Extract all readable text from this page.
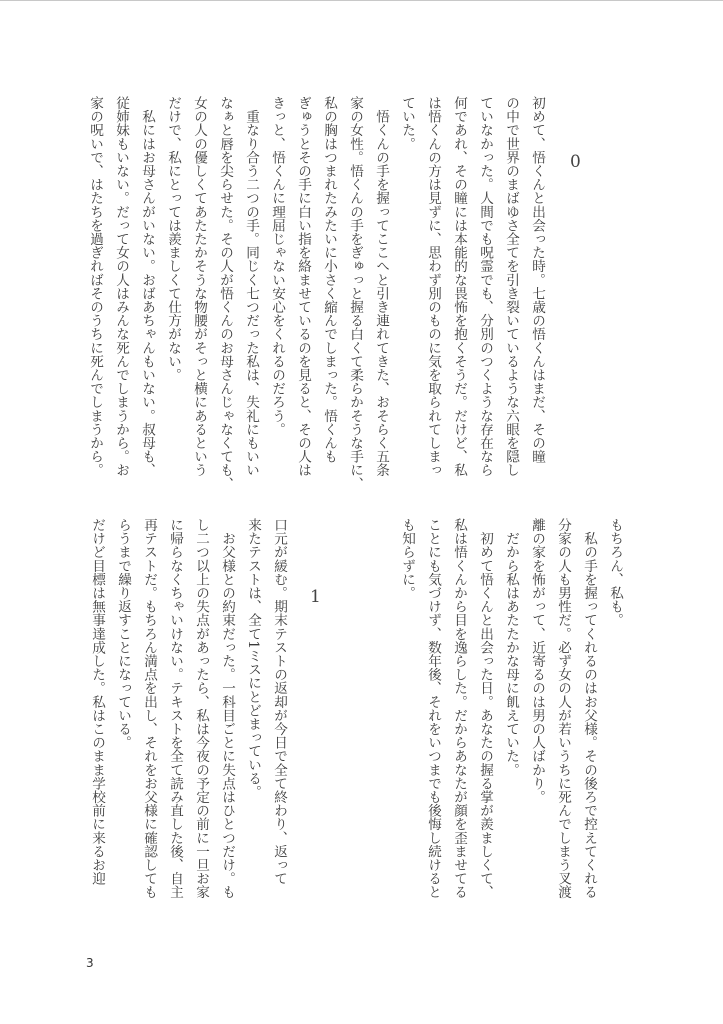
0
初めて、悟くんと出会った時。七歳の悟くんはまだ、その瞳
の中で世界のまばゆさ全てを引き裂いているような六眼を隠し
ていなかった。人間でも呪霊でも、分別のつくような存在なら
何であれ、その瞳には本能的な畏怖を抱くそうだ。だけど、私
は悟くんの方は見ずに、思わず別のものに気を取られてしまっ
ていた。
　悟くんの手を握ってここへと引き連れてきた、おそらく五条
家の女性。悟くんの手をぎゅっと握る白くて柔らかそうな手に、
私の胸はつまれたみたいに小さく縮んでしまった。悟くんも
ぎゅうとその手に白い指を絡ませているのを見ると、その人は
きっと、悟くんに理屈じゃない安心をくれるのだろう。
　重なり合う二つの手。同じく七つだった私は、失礼にもいい
なぁと唇を尖らせた。その人が悟くんのお母さんじゃなくても、
女の人の優しくてあたたかそうな物腰がそっと横にあるという
だけで、私にとっては羨ましくて仕方がない。
　私にはお母さんがいない。おばあちゃんもいない。叔母も、
従姉妹もいない。だって女の人はみんな死んでしまうから。お
家の呪いで、はたちを過ぎればそのうちに死んでしまうから。
もちろん、私も。
　私の手を握ってくれるのはお父様。その後ろで控えてくれる
分家の人も男性だ。必ず女の人が若いうちに死んでしまう叉渡
離の家を怖がって、近寄るのは男の人ばかり。
　だから私はあたたかな母に飢えていた。
　初めて悟くんと出会った日。あなたの握る掌が羨ましくて、
私は悟くんから目を逸らした。だからあなたが顔を歪ませてる
ことにも気づけず、数年後、それをいつまでも後悔し続けると
も知らずに。
1
口元が緩む。期末テストの返却が今日で全て終わり、返って
来たテストは、全て1ミスにとどまっている。
　お父様との約束だった。一科目ごとに失点はひとつだけ。も
し二つ以上の失点があったら、私は今夜の予定の前に一旦お家
に帰らなくちゃいけない。テキストを全て読み直した後、自主
再テストだ。もちろん満点を出し、それをお父様に確認しても
らうまで繰り返すことになっている。
だけど目標は無事達成した。私はこのまま学校前に来るお迎
3
